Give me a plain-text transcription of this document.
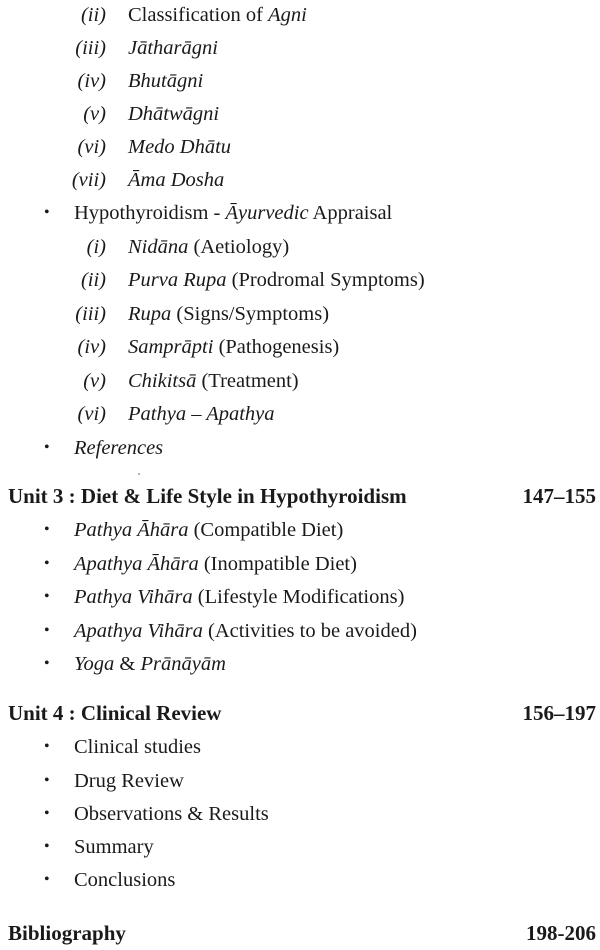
(ii) Classification of Agni
(iii) Jātharāgni
(iv) Bhutāgni
(v) Dhātwāgni
(vi) Medo Dhātu
(vii) Āma Dosha
• Hypothyroidism - Āyurvedic Appraisal
(i) Nidāna (Aetiology)
(ii) Purva Rupa (Prodromal Symptoms)
(iii) Rupa (Signs/Symptoms)
(iv) Samprāpti (Pathogenesis)
(v) Chikitsā (Treatment)
(vi) Pathya – Apathya
• References
Unit 3 : Diet & Life Style in Hypothyroidism	147–155
• Pathya Āhāra (Compatible Diet)
• Apathya Āhāra (Inompatible Diet)
• Pathya Vihāra (Lifestyle Modifications)
• Apathya Vihāra (Activities to be avoided)
• Yoga & Prānāyām
Unit 4 : Clinical Review	156–197
• Clinical studies
• Drug Review
• Observations & Results
• Summary
• Conclusions
Bibliography	198-206
